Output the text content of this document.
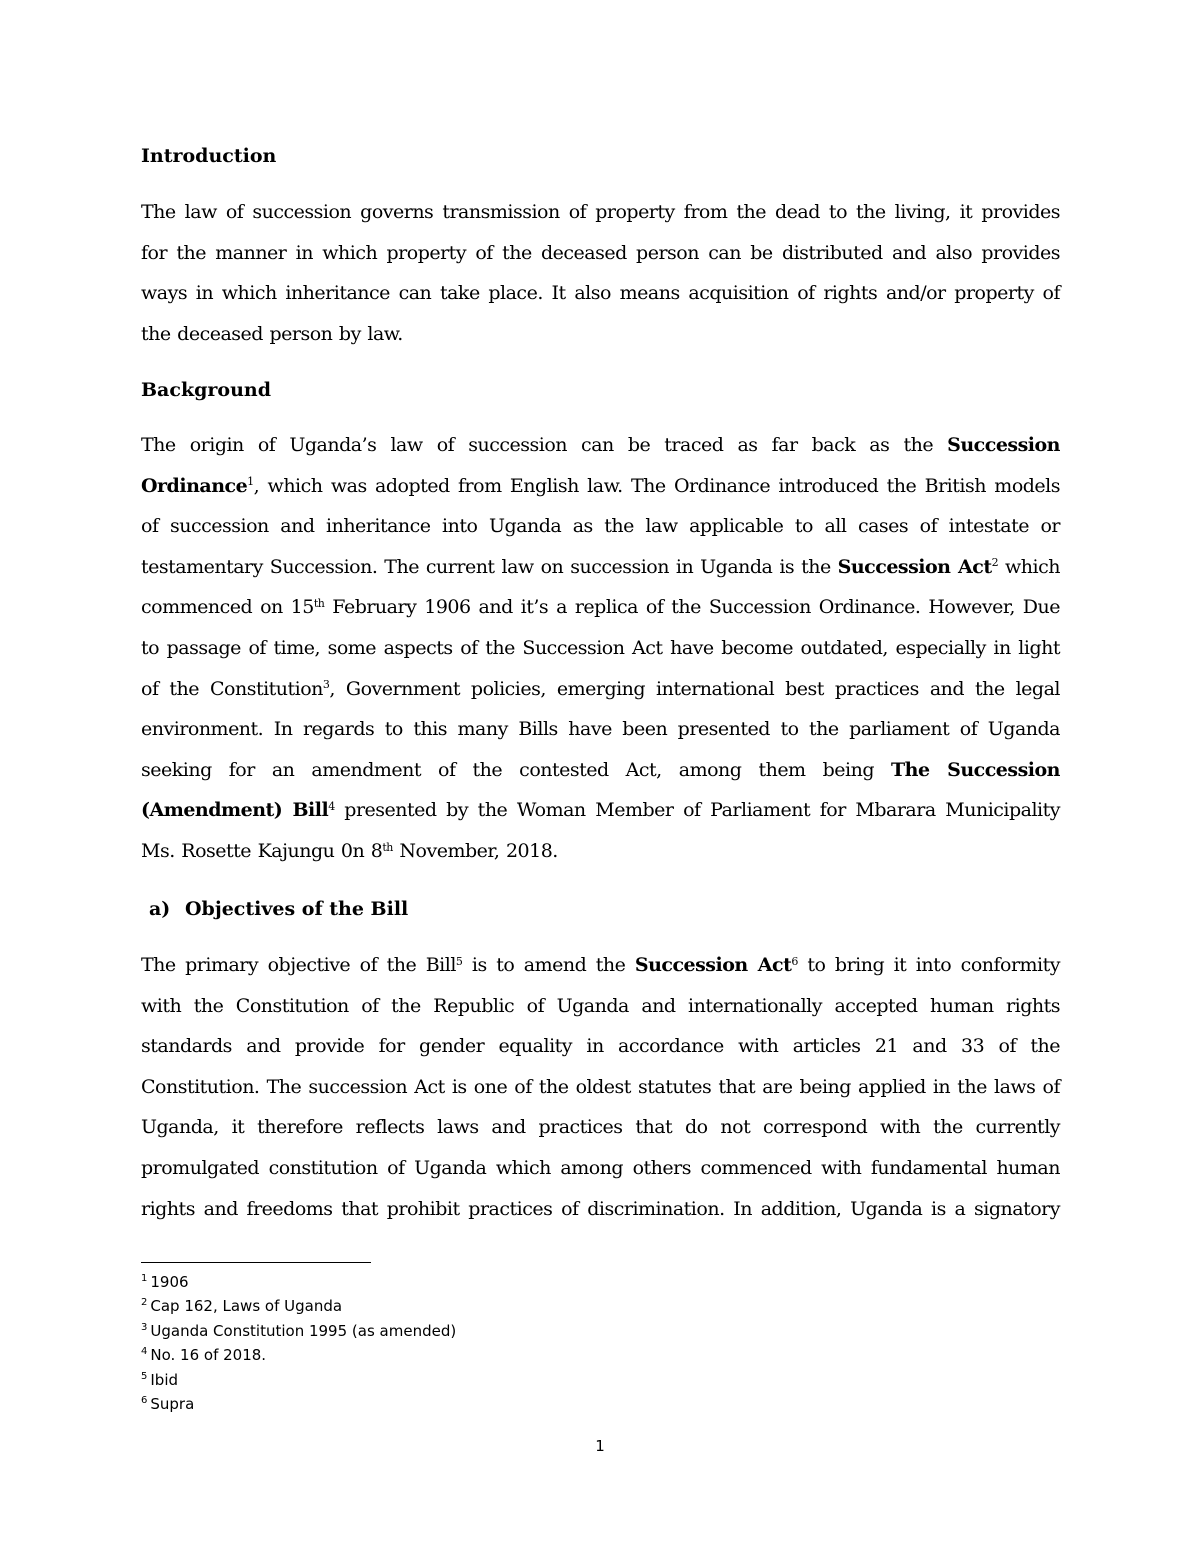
Introduction
The law of succession governs transmission of property from the dead to the living, it provides
for the manner in which property of the deceased person can be distributed and also provides
ways in which inheritance can take place. It also means acquisition of rights and/or property of
the deceased person by law.
Background
The origin of Uganda’s law of succession can be traced as far back as the Succession
Ordinance$^1$, which was adopted from English law. The Ordinance introduced the British models
of succession and inheritance into Uganda as the law applicable to all cases of intestate or
testamentary Succession. The current law on succession in Uganda is the Succession Act$^2$ which
commenced on 15th February 1906 and it’s a replica of the Succession Ordinance. However, Due
to passage of time, some aspects of the Succession Act have become outdated, especially in light
of the Constitution$^3$, Government policies, emerging international best practices and the legal
environment. In regards to this many Bills have been presented to the parliament of Uganda
seeking for an amendment of the contested Act, among them being The Succession
(Amendment) Bill$^4$ presented by the Woman Member of Parliament for Mbarara Municipality
Ms. Rosette Kajungu 0n 8th November, 2018.
a) Objectives of the Bill
The primary objective of the Bill$^5$ is to amend the Succession Act$^6$ to bring it into conformity
with the Constitution of the Republic of Uganda and internationally accepted human rights
standards and provide for gender equality in accordance with articles 21 and 33 of the
Constitution. The succession Act is one of the oldest statutes that are being applied in the laws of
Uganda, it therefore reflects laws and practices that do not correspond with the currently
promulgated constitution of Uganda which among others commenced with fundamental human
rights and freedoms that prohibit practices of discrimination. In addition, Uganda is a signatory
$^1$ 1906
$^2$ Cap 162, Laws of Uganda
$^3$ Uganda Constitution 1995 (as amended)
$^4$ No. 16 of 2018.
$^5$ Ibid
$^6$ Supra
1
